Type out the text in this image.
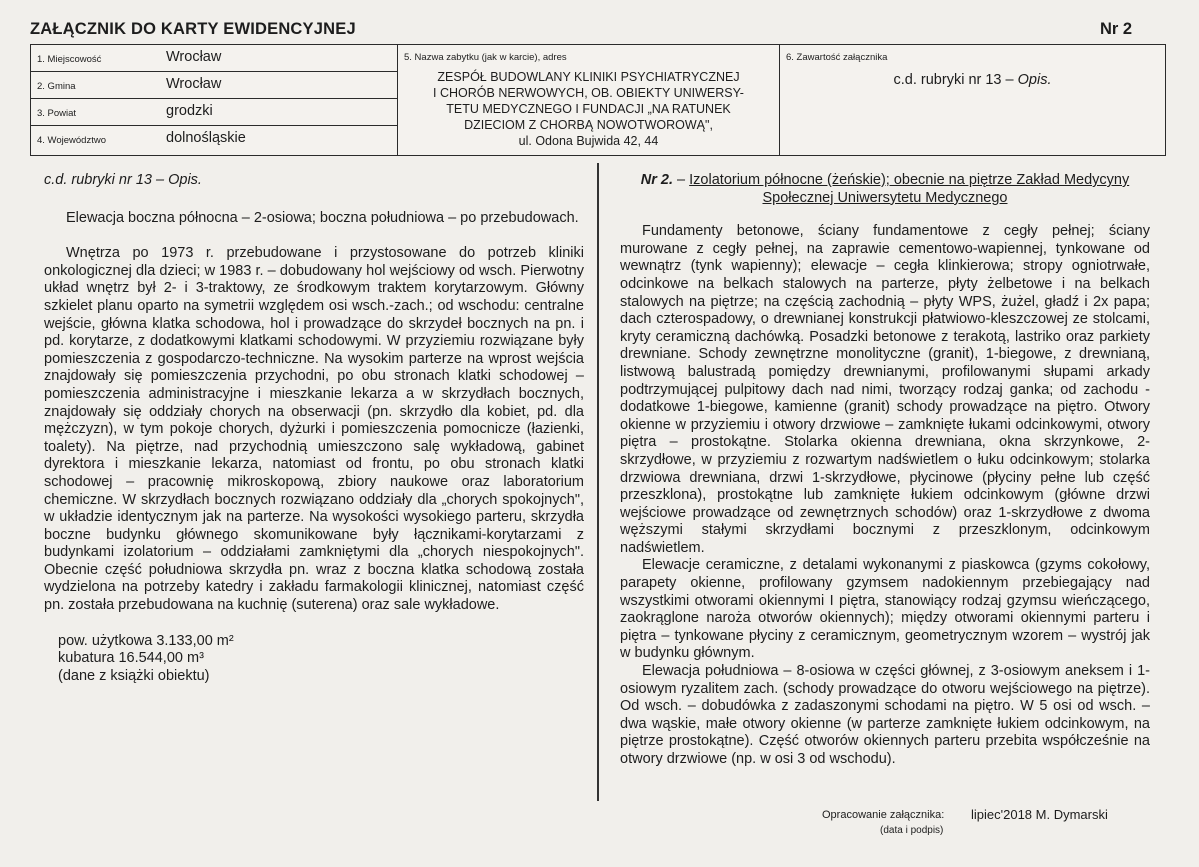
ZAŁĄCZNIK DO KARTY EWIDENCYJNEJ	Nr 2
1. Miejscowość	Wrocław
2. Gmina	Wrocław
3. Powiat	grodzki
4. Województwo	dolnośląskie
5. Nazwa zabytku (jak w karcie), adres
ZESPÓŁ BUDOWLANY KLINIKI PSYCHIATRYCZNEJ
I CHORÓB NERWOWYCH, OB. OBIEKTY UNIWERSY-
TETU MEDYCZNEGO I FUNDACJI „NA RATUNEK
DZIECIOM Z CHORBĄ NOWOTWOROWĄ",
ul. Odona Bujwida 42, 44
6. Zawartość załącznika
c.d. rubryki nr 13 – Opis.

c.d. rubryki nr 13 – Opis.

Elewacja boczna północna – 2-osiowa; boczna południowa – po przebudowach.

Wnętrza po 1973 r. przebudowane i przystosowane do potrzeb kliniki onkologicznej dla dzieci; w 1983 r. – dobudowany hol wejściowy od wsch. Pierwotny układ wnętrz był 2- i 3-traktowy, ze środkowym traktem korytarzowym. Główny szkielet planu oparto na symetrii względem osi wsch.-zach.; od wschodu: centralne wejście, główna klatka schodowa, hol i prowadzące do skrzydeł bocznych na pn. i pd. korytarze, z dodatkowymi klatkami schodowymi. W przyziemiu rozwiązane były pomieszczenia z gospodarczo-techniczne. Na wysokim parterze na wprost wejścia znajdowały się pomieszczenia przychodni, po obu stronach klatki schodowej – pomieszczenia administracyjne i mieszkanie lekarza a w skrzydłach bocznych, znajdowały się oddziały chorych na obserwacji (pn. skrzydło dla kobiet, pd. dla mężczyzn), w tym pokoje chorych, dyżurki i pomieszczenia pomocnicze (łazienki, toalety). Na piętrze, nad przychodnią umieszczono salę wykładową, gabinet dyrektora i mieszkanie lekarza, natomiast od frontu, po obu stronach klatki schodowej – pracownię mikroskopową, zbiory naukowe oraz laboratorium chemiczne. W skrzydłach bocznych rozwiązano oddziały dla „chorych spokojnych", w układzie identycznym jak na parterze. Na wysokości wysokiego parteru, skrzydła boczne budynku głównego skomunikowane były łącznikami-korytarzami z budynkami izolatorium – oddziałami zamkniętymi dla „chorych niespokojnych". Obecnie część południowa skrzydła pn. wraz z boczna klatka schodową została wydzielona na potrzeby katedry i zakładu farmakologii klinicznej, natomiast część pn. została przebudowana na kuchnię (suterena) oraz sale wykładowe.

pow. użytkowa 3.133,00 m²
kubatura 16.544,00 m³
(dane z książki obiektu)

Nr 2. – Izolatorium północne (żeńskie); obecnie na piętrze Zakład Medycyny Społecznej Uniwersytetu Medycznego

Fundamenty betonowe, ściany fundamentowe z cegły pełnej; ściany murowane z cegły pełnej, na zaprawie cementowo-wapiennej, tynkowane od wewnątrz (tynk wapienny); elewacje – cegła klinkierowa; stropy ogniotrwałe, odcinkowe na belkach stalowych na parterze, płyty żelbetowe i na belkach stalowych na piętrze; na częścią zachodnią – płyty WPS, żużel, gładź i 2x papa; dach czterospadowy, o drewnianej konstrukcji płatwiowo-kleszczowej ze stolcami, kryty ceramiczną dachówką. Posadzki betonowe z terakotą, lastriko oraz parkiety drewniane. Schody zewnętrzne monolityczne (granit), 1-biegowe, z drewnianą, listwową balustradą pomiędzy drewnianymi, profilowanymi słupami arkady podtrzymującej pulpitowy dach nad nimi, tworzący rodzaj ganka; od zachodu - dodatkowe 1-biegowe, kamienne (granit) schody prowadzące na piętro. Otwory okienne w przyziemiu i otwory drzwiowe – zamknięte łukami odcinkowymi, otwory piętra – prostokątne. Stolarka okienna drewniana, okna skrzynkowe, 2-skrzydłowe, w przyziemiu z rozwartym nadświetlem o łuku odcinkowym; stolarka drzwiowa drewniana, drzwi 1-skrzydłowe, płycinowe (płyciny pełne lub część przeszklona), prostokątne lub zamknięte łukiem odcinkowym (główne drzwi wejściowe prowadzące od zewnętrznych schodów) oraz 1-skrzydłowe z dwoma węższymi stałymi skrzydłami bocznymi z przeszklonym, odcinkowym nadświetlem.

Elewacje ceramiczne, z detalami wykonanymi z piaskowca (gzyms cokołowy, parapety okienne, profilowany gzymsem nadokiennym przebiegający nad wszystkimi otworami okiennymi I piętra, stanowiący rodzaj gzymsu wieńczącego, zaokrąglone naroża otworów okiennych); między otworami okiennymi parteru i piętra – tynkowane płyciny z ceramicznym, geometrycznym wzorem – wystrój jak w budynku głównym.

Elewacja południowa – 8-osiowa w części głównej, z 3-osiowym aneksem i 1-osiowym ryzalitem zach. (schody prowadzące do otworu wejściowego na piętrze). Od wsch. – dobudówka z zadaszonymi schodami na piętro. W 5 osi od wsch. – dwa wąskie, małe otwory okienne (w parterze zamknięte łukiem odcinkowym, na piętrze prostokątne). Część otworów okiennych parteru przebita współcześnie na otwory drzwiowe (np. w osi 3 od wschodu).

Opracowanie załącznika: lipiec'2018 M. Dymarski
(data i podpis)
